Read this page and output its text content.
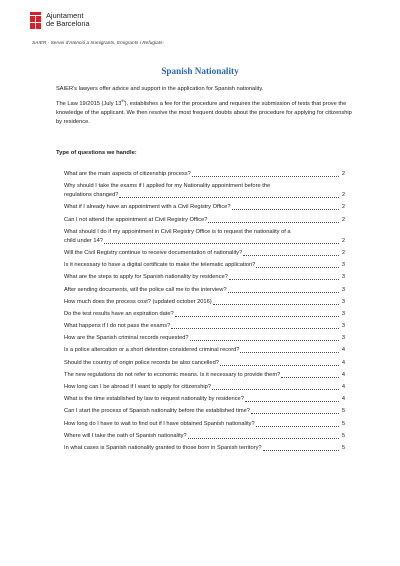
Ajuntament
de Barcelona
SAIER - Servei d'Atenció a Immigrants, Emigrants i Refugiats-
Spanish Nationality

SAIER's lawyers offer advice and support in the application for Spanish nationality.

The Law 19/2015 (July 13th), establishes a fee for the procedure and requires the submission of tests that prove the knowledge of the applicant. We then resolve the most frequent doubts about the procedure for applying for citizenship by residence.

Type of questions we handle:
What are the main aspects of citizenship process?	2
Why should I take the exams if I applied for my Nationality appointment before the
regulations changed?	2
What if I already have an appointment with a Civil Registry Office?	2
Can I not attend the appointment at Civil Registry Office?	2
What should I do if my appointment in Civil Registry Office is to request the nationality of a
child under 14?	2
Will the Civil Registry continue to receive documentation of nationality?	2
Is it necessary to have a digital certificate to make the telematic application?	3
What are the steps to apply for Spanish nationality by residence?	3
After sending documents, will the police call me to the interview?	3
How much does the process cost? (updated october 2016)	3
Do the test results have an expiration date?	3
What happens if I do not pass the exams?	3
How are the Spanish criminal records requested?	3
Is a police altercation or a short detention considered criminal record?	4
Should the country of origin police records be also cancelled?	4
The new regulations do not refer to economic means. Is it necessary to provide them?	4
How long can I be abroad if I want to apply for citizenship?	4
What is the time established by law to request nationality by residence?	4
Can I start the process of Spanish nationality before the established time?	5
How long do I have to wait to find out if I have obtained Spanish nationality?	5
Where will I take the oath of Spanish nationality?	5
In what cases is Spanish nationality granted to those born in Spanish territory?	5
